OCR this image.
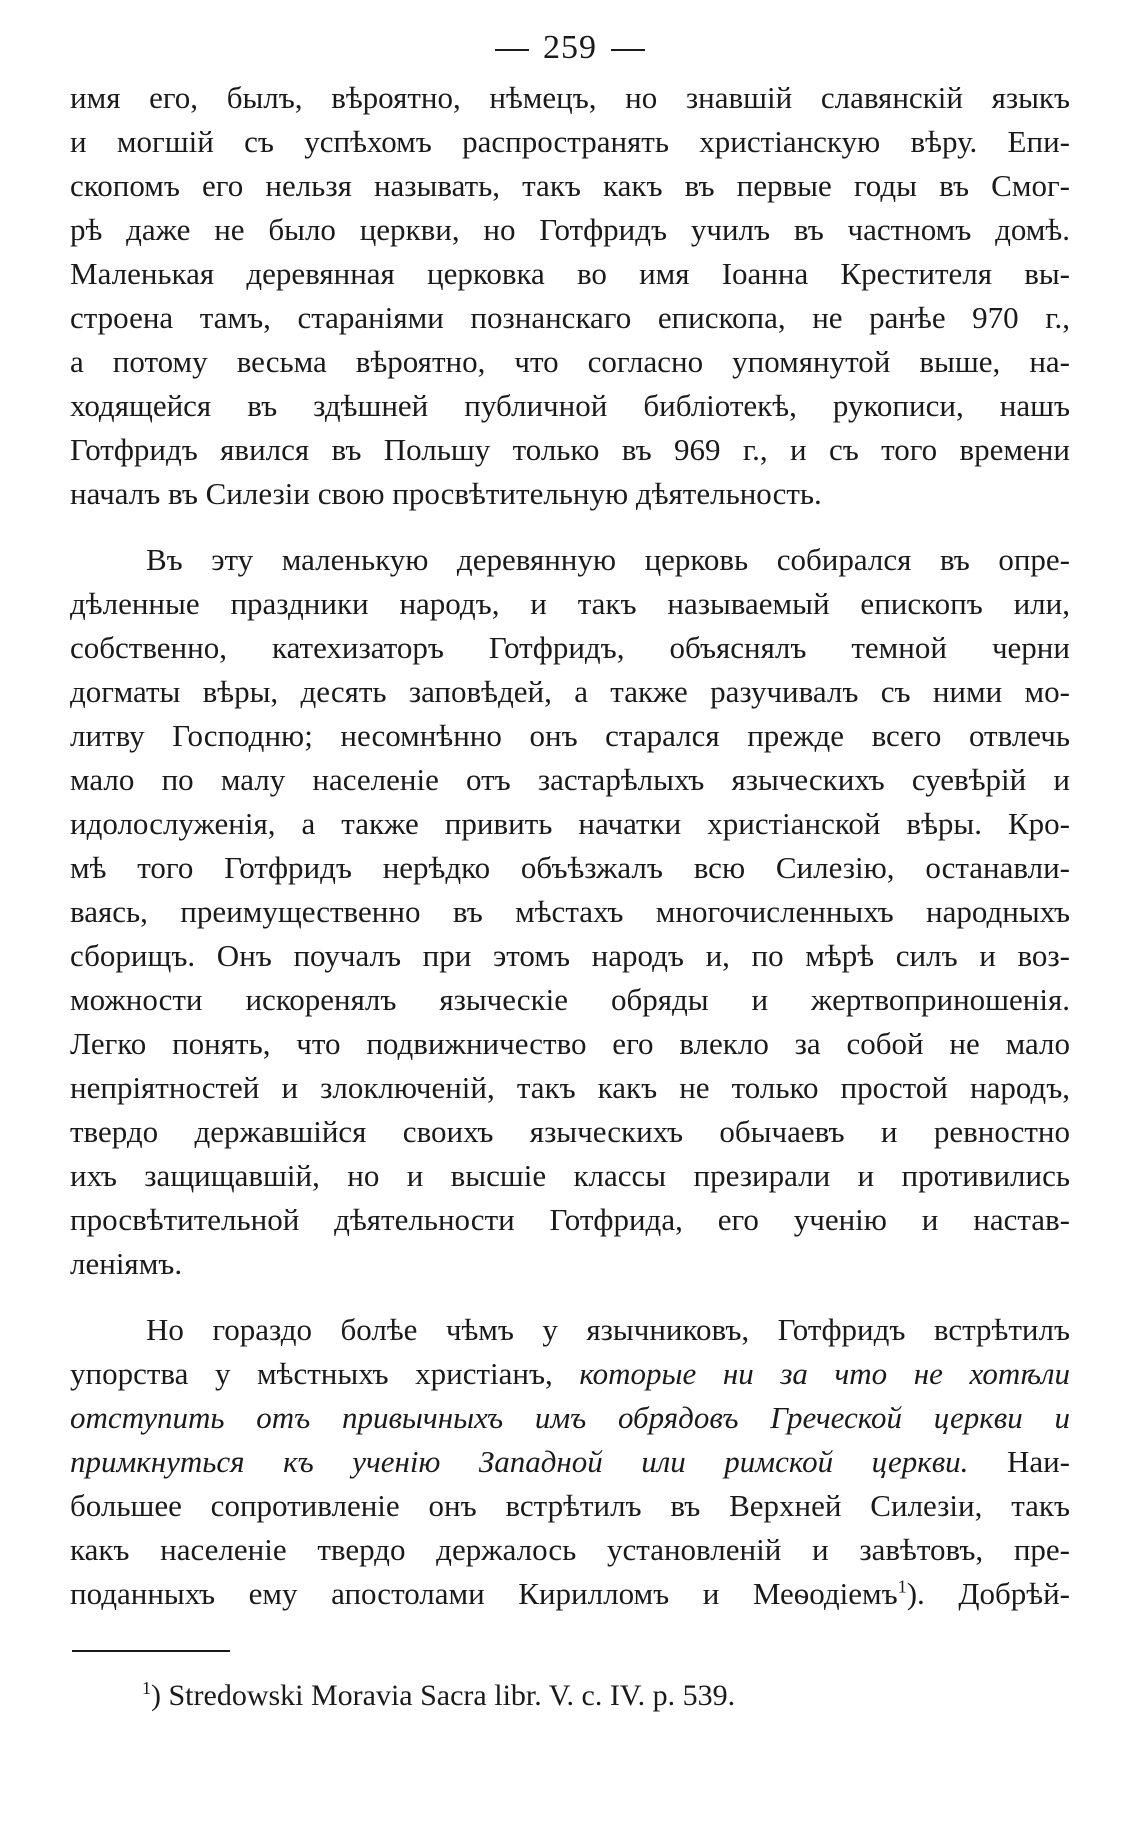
259
имя его, былъ, вѣроятно, нѣмецъ, но знавшій славянскій языкъ
и могшій съ успѣхомъ распространять христіанскую вѣру. Епи-
скопомъ его нельзя называть, такъ какъ въ первые годы въ Смог-
рѣ даже не было церкви, но Готфридъ училъ въ частномъ домѣ.
Маленькая деревянная церковка во имя Іоанна Крестителя вы-
строена тамъ, стараніями познанскаго епископа, не ранѣе 970 г.,
а потому весьма вѣроятно, что согласно упомянутой выше, на-
ходящейся въ здѣшней публичной библіотекѣ, рукописи, нашъ
Готфридъ явился въ Польшу только въ 969 г., и съ того времени
началъ въ Силезіи свою просвѣтительную дѣятельность.
Въ эту маленькую деревянную церковь собирался въ опре-
дѣленные праздники народъ, и такъ называемый епископъ или,
собственно, катехизаторъ Готфридъ, объяснялъ темной черни
догматы вѣры, десять заповѣдей, а также разучивалъ съ ними мо-
литву Господню; несомнѣнно онъ старался прежде всего отвлечь
мало по малу населеніе отъ застарѣлыхъ языческихъ суевѣрій и
идолослуженія, а также привить начатки христіанской вѣры. Кро-
мѣ того Готфридъ нерѣдко объѣзжалъ всю Силезію, останавли-
ваясь, преимущественно въ мѣстахъ многочисленныхъ народныхъ
сборищъ. Онъ поучалъ при этомъ народъ и, по мѣрѣ силъ и воз-
можности искоренялъ языческіе обряды и жертвоприношенія.
Легко понять, что подвижничество его влекло за собой не мало
непріятностей и злоключеній, такъ какъ не только простой народъ,
твердо державшійся своихъ языческихъ обычаевъ и ревностно
ихъ защищавшій, но и высшіе классы презирали и противились
просвѣтительной дѣятельности Готфрида, его ученію и настав-
леніямъ.
Но гораздо болѣе чѣмъ у язычниковъ, Готфридъ встрѣтилъ
упорства у мѣстныхъ христіанъ, которые ни за что не хотѣли
отступить отъ привычныхъ имъ обрядовъ Греческой церкви и
примкнуться къ ученію Западной или римской церкви. Наи-
большее сопротивленіе онъ встрѣтилъ въ Верхней Силезіи, такъ
какъ населеніе твердо держалось установленій и завѣтовъ, пре-
поданныхъ ему апостолами Кирилломъ и Меѳодіемъ$^1$). Добрѣй-
$^1$) Stredowski Moravia Sacra libr. V. c. IV. p. 539.
